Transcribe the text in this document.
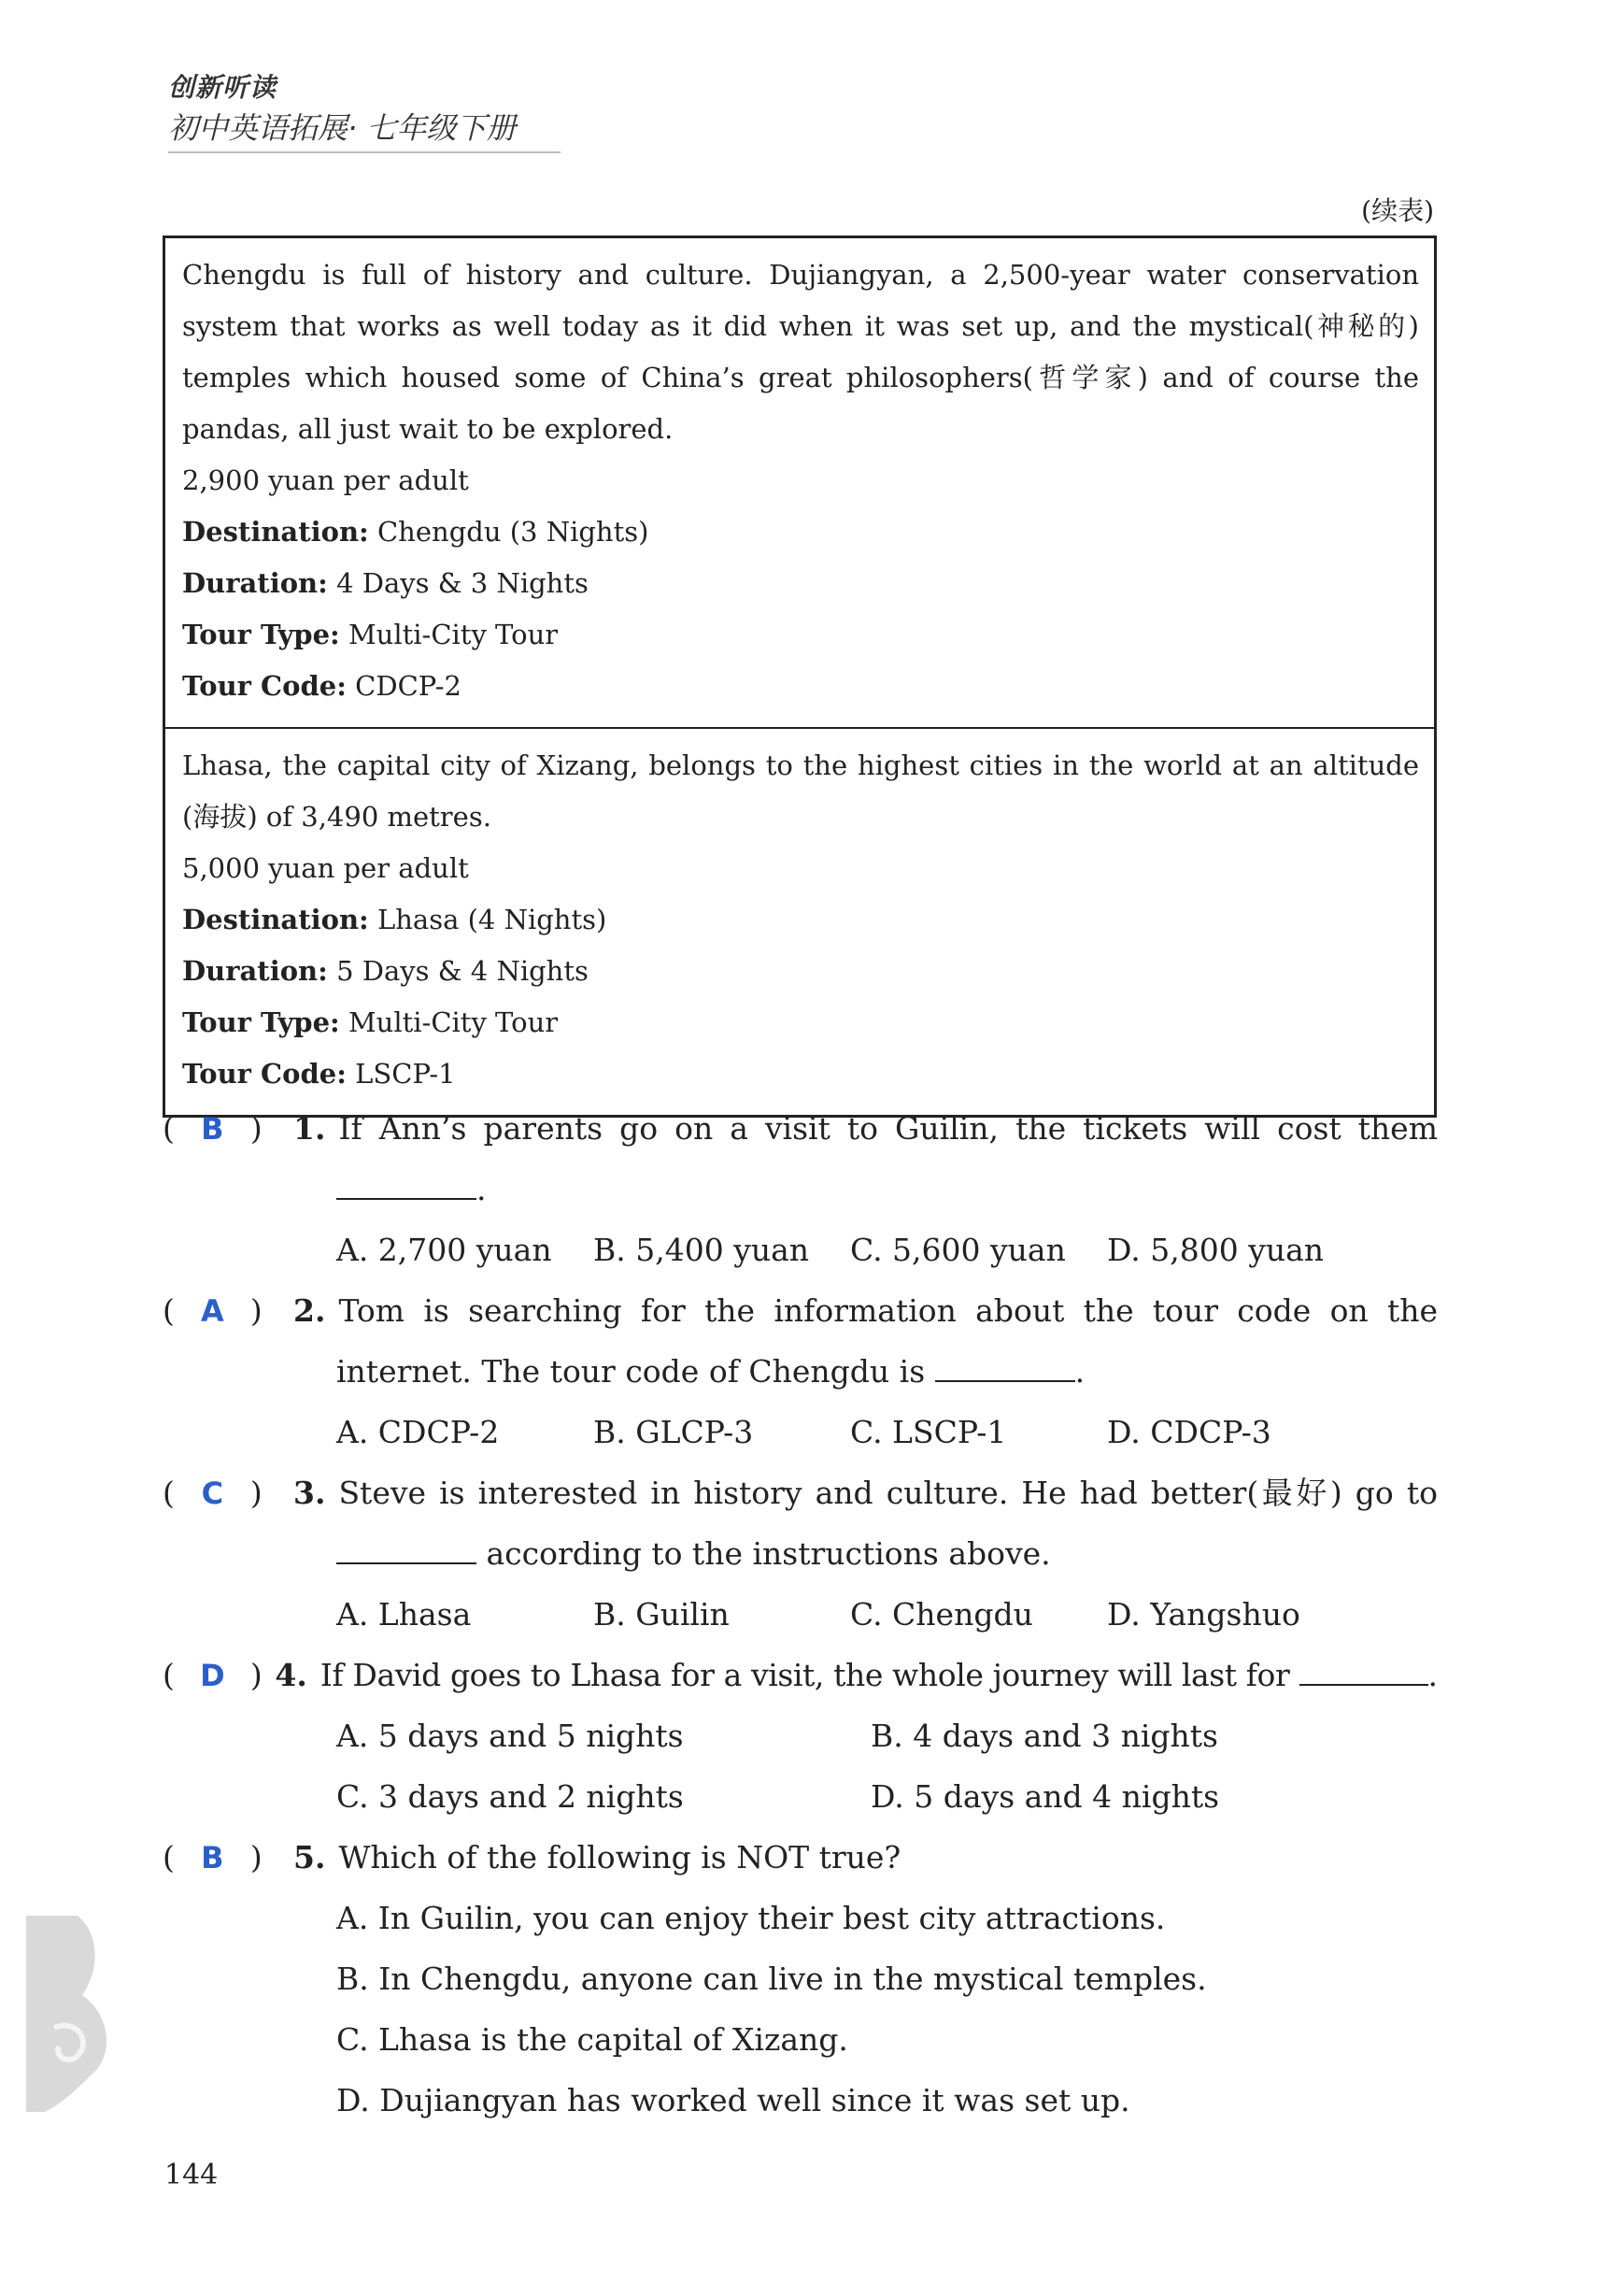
创新听读
初中英语拓展· 七年级下册
(续表)

Chengdu is full of history and culture. Dujiangyan, a 2,500-year water conservation

system that works as well today as it did when it was set up, and the mystical(神秘的)

temples which housed some of China’s great philosophers(哲学家) and of course the

pandas, all just wait to be explored.

2,900 yuan per adult
Destination: Chengdu (3 Nights)
Duration: 4 Days & 3 Nights
Tour Type: Multi-City Tour
Tour Code: CDCP-2

Lhasa, the capital city of Xizang, belongs to the highest cities in the world at an altitude

(海拔) of 3,490 metres.

5,000 yuan per adult
Destination: Lhasa (4 Nights)
Duration: 5 Days & 4 Nights
Tour Type: Multi-City Tour
Tour Code: LSCP-1
( B )	1. If Ann’s parents go on a visit to Guilin, the tickets will cost them
.
A. 2,700 yuan	B. 5,400 yuan	C. 5,600 yuan	D. 5,800 yuan
( A )	2. Tom is searching for the information about the tour code on the
internet. The tour code of Chengdu is	.
A. CDCP-2	B. GLCP-3	C. LSCP-1	D. CDCP-3
( C )	3. Steve is interested in history and culture. He had better(最好) go to
according to the instructions above.
A. Lhasa	B. Guilin	C. Chengdu	D. Yangshuo
( D ) 4. If David goes to Lhasa for a visit, the whole journey will last for
	.
A. 5 days and 5 nights	B. 4 days and 3 nights
C. 3 days and 2 nights	D. 5 days and 4 nights
( B )	5. Which of the following is NOT true?
A. In Guilin, you can enjoy their best city attractions.
B. In Chengdu, anyone can live in the mystical temples.
C. Lhasa is the capital of Xizang.
D. Dujiangyan has worked well since it was set up.
144
